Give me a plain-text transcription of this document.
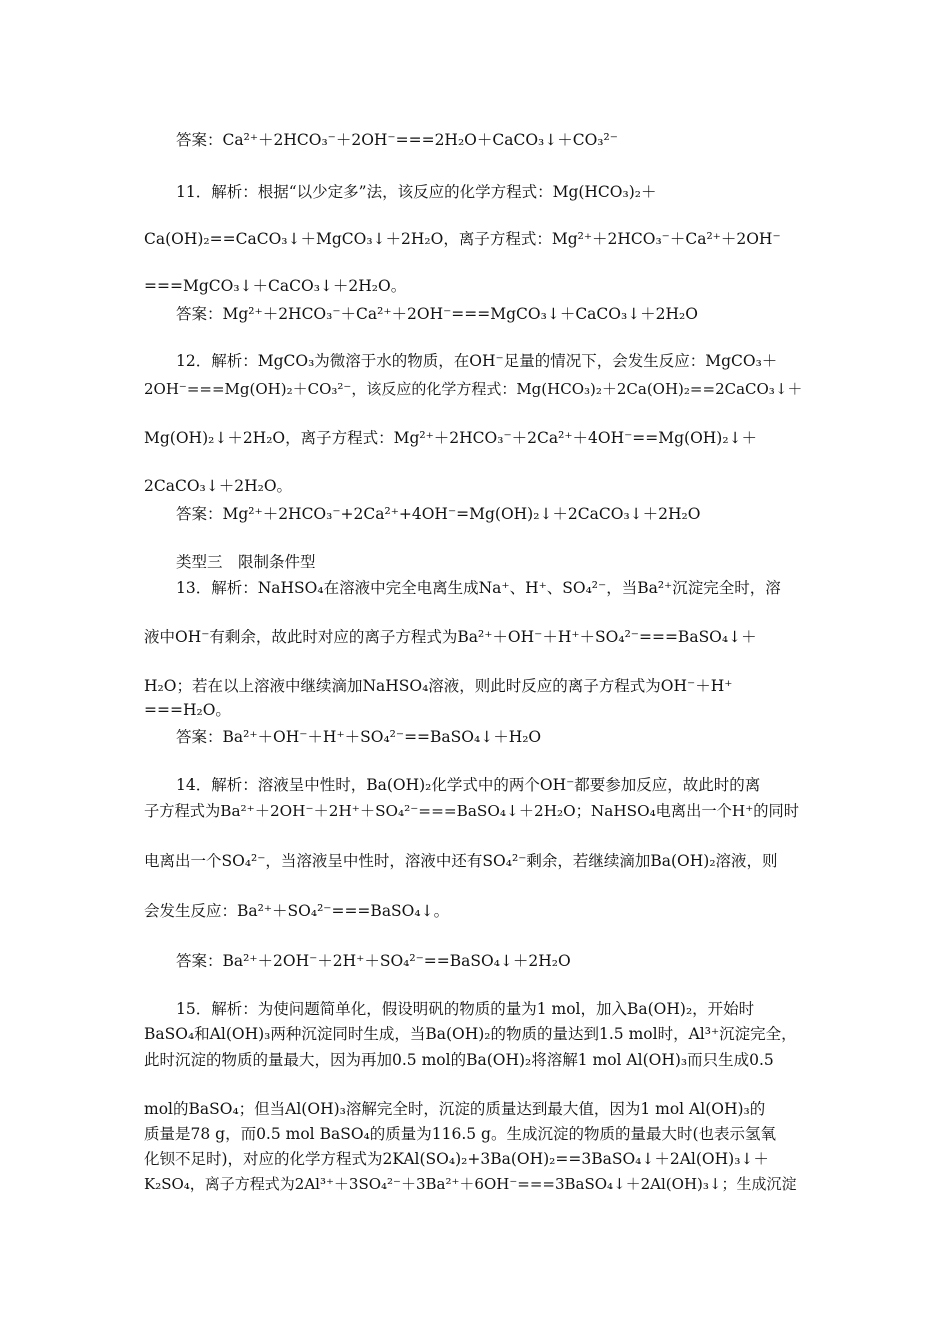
答案：Ca²⁺＋2HCO₃⁻＋2OH⁻===2H₂O＋CaCO₃↓＋CO₃²⁻
11．解析：根据“以少定多”法，该反应的化学方程式：Mg(HCO₃)₂＋
Ca(OH)₂==CaCO₃↓＋MgCO₃↓＋2H₂O，离子方程式：Mg²⁺＋2HCO₃⁻＋Ca²⁺＋2OH⁻
===MgCO₃↓＋CaCO₃↓＋2H₂O。
答案：Mg²⁺＋2HCO₃⁻＋Ca²⁺＋2OH⁻===MgCO₃↓＋CaCO₃↓＋2H₂O
12．解析：MgCO₃为微溶于水的物质，在OH⁻足量的情况下，会发生反应：MgCO₃＋
2OH⁻===Mg(OH)₂＋CO₃²⁻，该反应的化学方程式：Mg(HCO₃)₂＋2Ca(OH)₂==2CaCO₃↓＋
Mg(OH)₂↓＋2H₂O，离子方程式：Mg²⁺＋2HCO₃⁻＋2Ca²⁺＋4OH⁻==Mg(OH)₂↓＋
2CaCO₃↓＋2H₂O。
答案：Mg²⁺＋2HCO₃⁻+2Ca²⁺+4OH⁻=Mg(OH)₂↓＋2CaCO₃↓＋2H₂O
类型三　限制条件型
13．解析：NaHSO₄在溶液中完全电离生成Na⁺、H⁺、SO₄²⁻，当Ba²⁺沉淀完全时，溶
液中OH⁻有剩余，故此时对应的离子方程式为Ba²⁺＋OH⁻＋H⁺＋SO₄²⁻===BaSO₄↓＋
H₂O；若在以上溶液中继续滴加NaHSO₄溶液，则此时反应的离子方程式为OH⁻＋H⁺
===H₂O。
答案：Ba²⁺＋OH⁻＋H⁺＋SO₄²⁻==BaSO₄↓＋H₂O
14．解析：溶液呈中性时，Ba(OH)₂化学式中的两个OH⁻都要参加反应，故此时的离
子方程式为Ba²⁺＋2OH⁻＋2H⁺＋SO₄²⁻===BaSO₄↓＋2H₂O；NaHSO₄电离出一个H⁺的同时
电离出一个SO₄²⁻，当溶液呈中性时，溶液中还有SO₄²⁻剩余，若继续滴加Ba(OH)₂溶液，则
会发生反应：Ba²⁺＋SO₄²⁻===BaSO₄↓。
答案：Ba²⁺＋2OH⁻＋2H⁺＋SO₄²⁻==BaSO₄↓＋2H₂O
15．解析：为使问题简单化，假设明矾的物质的量为1 mol，加入Ba(OH)₂，开始时
BaSO₄和Al(OH)₃两种沉淀同时生成，当Ba(OH)₂的物质的量达到1.5 mol时，Al³⁺沉淀完全，
此时沉淀的物质的量最大，因为再加0.5 mol的Ba(OH)₂将溶解1 mol Al(OH)₃而只生成0.5
mol的BaSO₄；但当Al(OH)₃溶解完全时，沉淀的质量达到最大值，因为1 mol Al(OH)₃的
质量是78 g，而0.5 mol BaSO₄的质量为116.5 g。生成沉淀的物质的量最大时(也表示氢氧
化钡不足时)，对应的化学方程式为2KAl(SO₄)₂+3Ba(OH)₂==3BaSO₄↓＋2Al(OH)₃↓＋
K₂SO₄，离子方程式为2Al³⁺＋3SO₄²⁻＋3Ba²⁺＋6OH⁻===3BaSO₄↓＋2Al(OH)₃↓；生成沉淀
